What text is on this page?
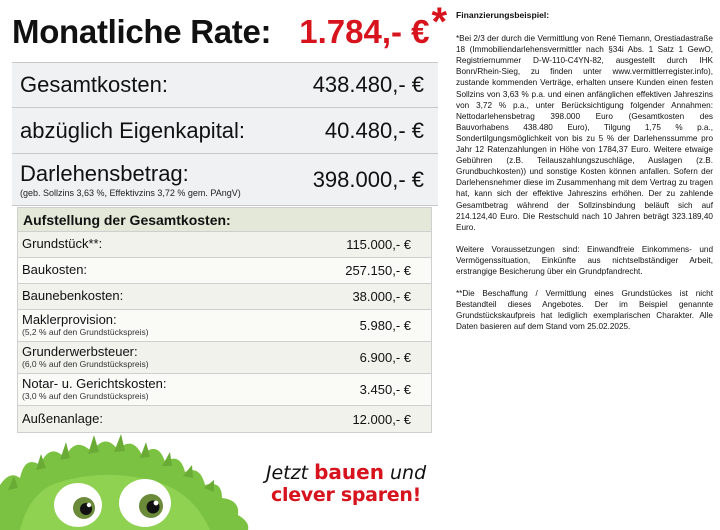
Monatliche Rate: 1.784,- € *
Gesamtkosten:	438.480,- €
abzüglich Eigenkapital:	40.480,- €
Darlehensbetrag:
(geb. Sollzins 3,63 %, Effektivzins 3,72 % gem. PAngV)
398.000,- €
Aufstellung der Gesamtkosten:
Grundstück**:	115.000,- €
Baukosten:	257.150,- €
Baunebenkosten:	38.000,- €
Maklerprovision:
(5,2 % auf den Grundstückspreis)	5.980,- €
Grunderwerbsteuer:
(6,0 % auf den Grundstückspreis)	6.900,- €
Notar- u. Gerichtskosten:
(3,0 % auf den Grundstückspreis)	3.450,- €
Außenanlage:	12.000,- €
Jetzt bauen und
clever sparen!
Finanzierungsbeispiel:

*Bei 2/3 der durch die Vermittlung von René Tiemann, Orestiadastraße 18 (Immobiliendarlehensvermittler nach §34i Abs. 1 Satz 1 GewO, Registriernummer D-W-110-C4YN-82, ausgestellt durch IHK Bonn/Rhein-Sieg, zu finden unter www.vermittlerregister.info), zustande kommenden Verträge, erhalten unsere Kunden einen festen Sollzins von 3,63 % p.a. und einen anfänglichen effektiven Jahreszins von 3,72 % p.a., unter Berücksichtigung folgender Annahmen: Nettodarlehensbetrag 398.000 Euro (Gesamtkosten des Bauvorhabens 438.480 Euro), Tilgung 1,75 % p.a., Sondertilgungsmöglichkeit von bis zu 5 % der Darlehenssumme pro Jahr 12 Ratenzahlungen in Höhe von 1784,37 Euro. Weitere etwaige Gebühren (z.B. Teilauszahlungszuschläge, Auslagen (z.B. Grundbuchkosten)) und sonstige Kosten können anfallen. Sofern der Darlehensnehmer diese im Zusammenhang mit dem Vertrag zu tragen hat, kann sich der effektive Jahreszins erhöhen. Der zu zahlende Gesamtbetrag während der Sollzinsbindung beläuft sich auf 214.124,40 Euro. Die Restschuld nach 10 Jahren beträgt 323.189,40 Euro.

Weitere Voraussetzungen sind: Einwandfreie Einkommens- und Vermögenssituation, Einkünfte aus nichtselbständiger Arbeit, erstrangige Besicherung über ein Grundpfandrecht.

**Die Beschaffung / Vermittlung eines Grundstückes ist nicht Bestandteil dieses Angebotes. Der im Beispiel genannte Grundstückskaufpreis hat lediglich exemplarischen Charakter. Alle Daten basieren auf dem Stand vom 25.02.2025.
